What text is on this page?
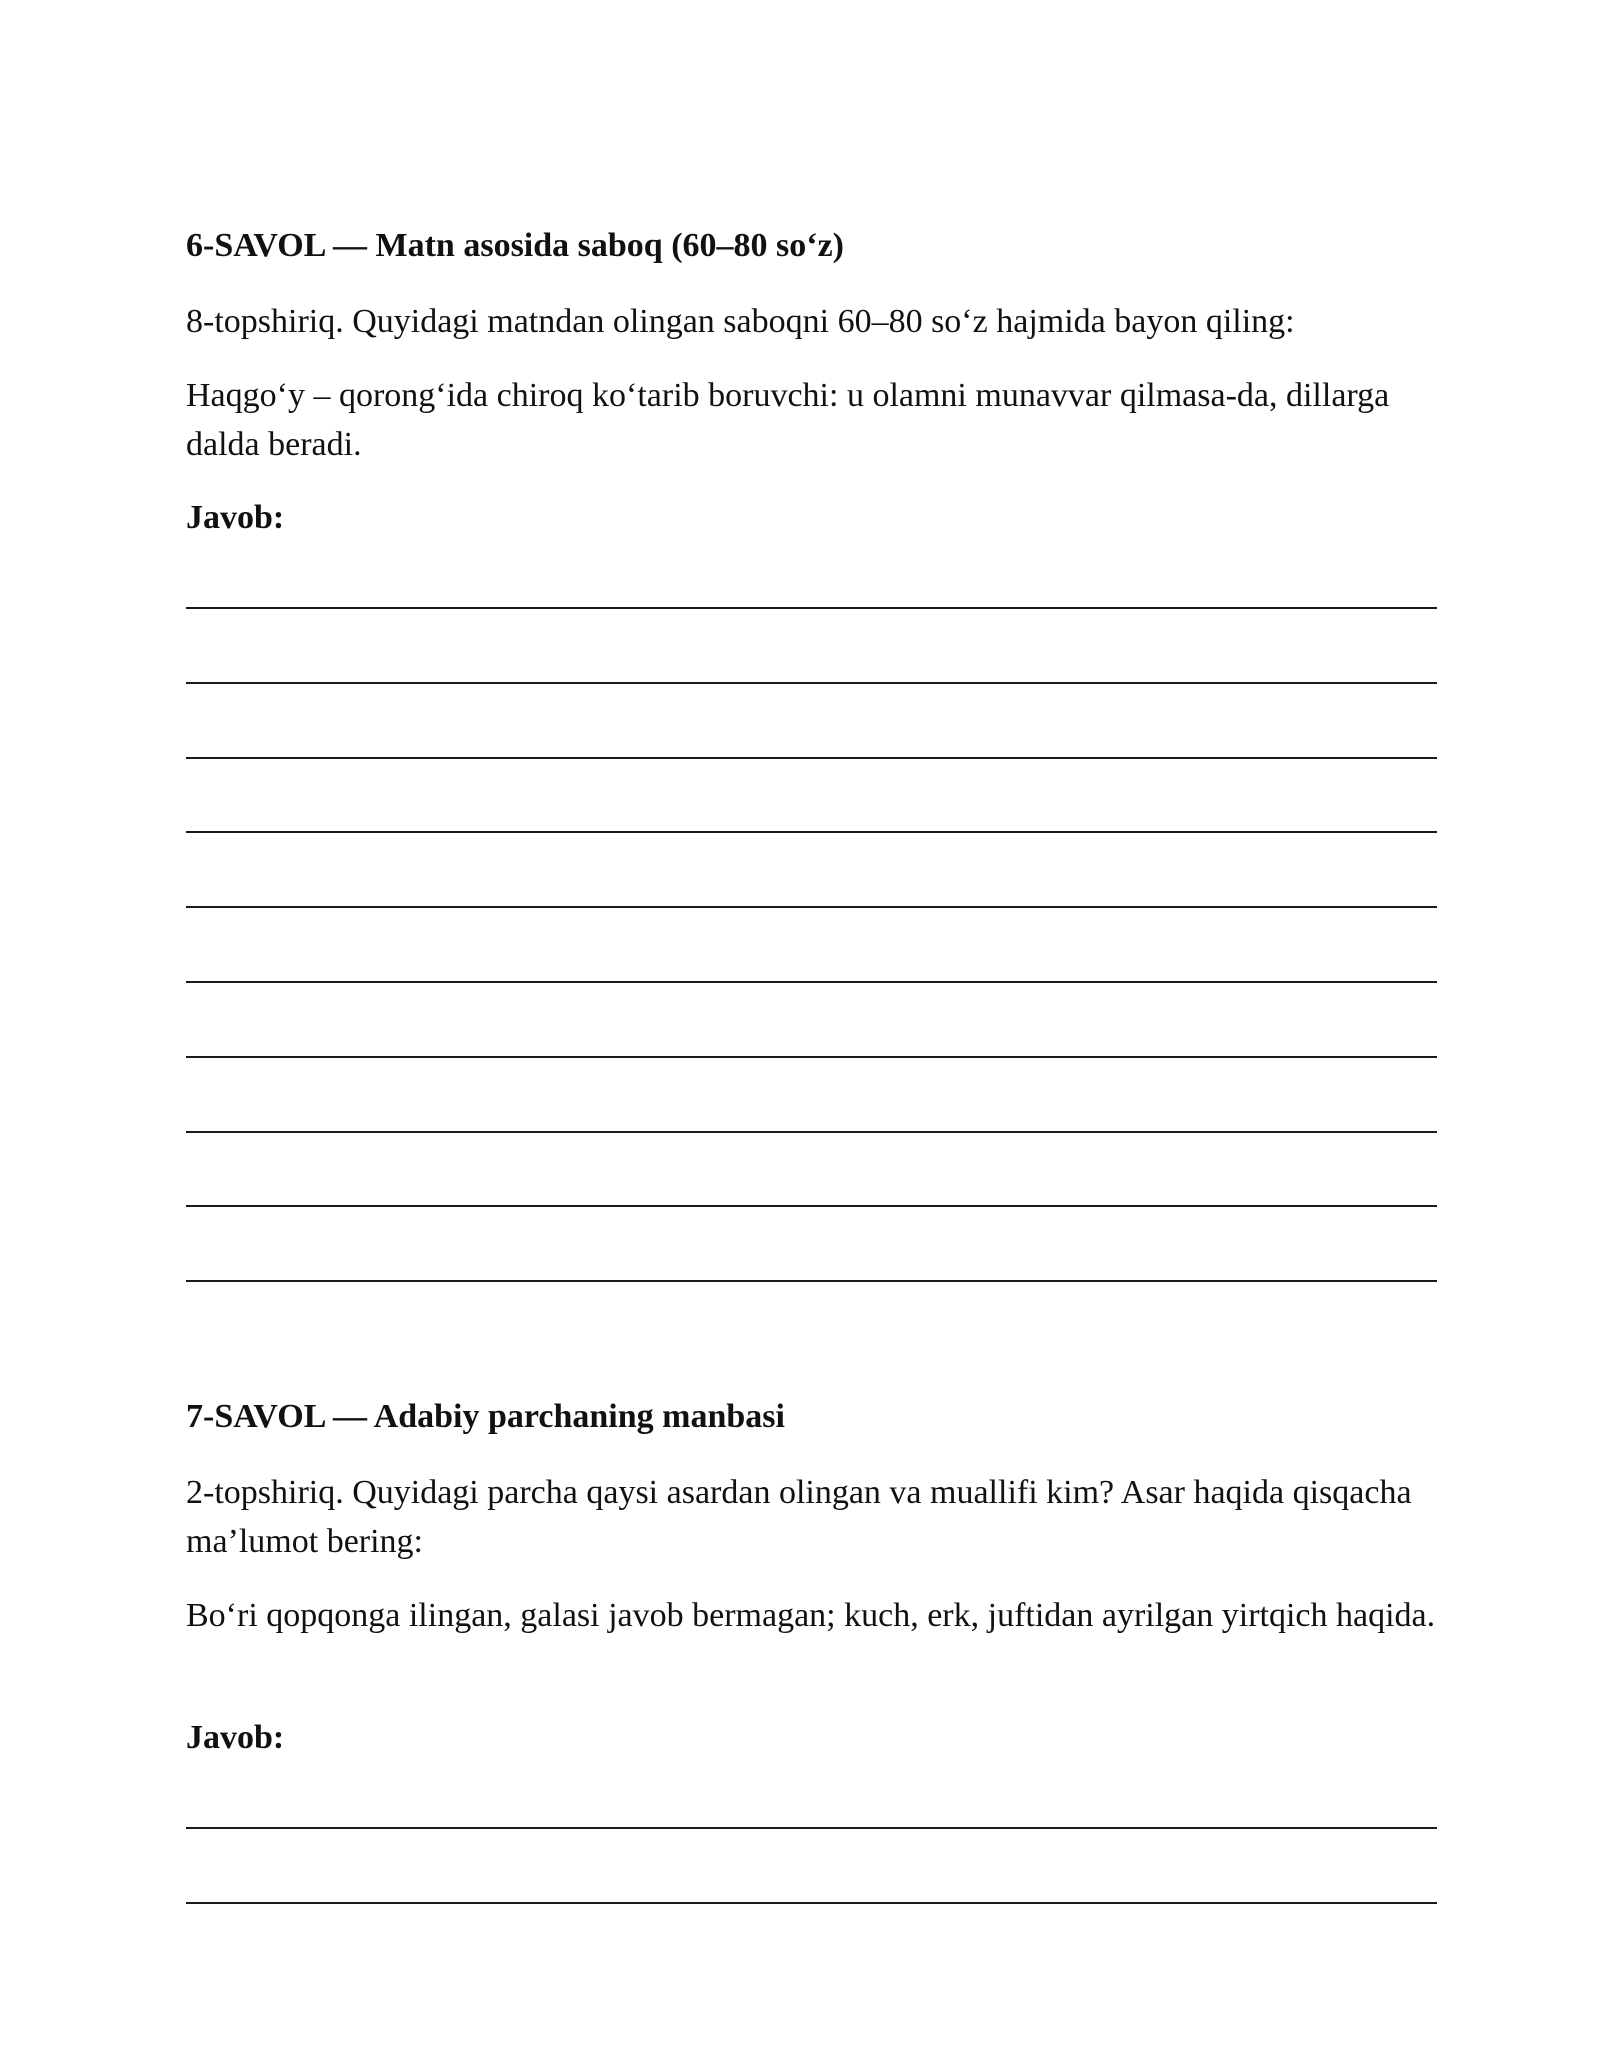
6-SAVOL — Matn asosida saboq (60–80 so‘z)
8-topshiriq. Quyidagi matndan olingan saboqni 60–80 so‘z hajmida bayon qiling:
Haqgo‘y – qorong‘ida chiroq ko‘tarib boruvchi: u olamni munavvar qilmasa-da, dillarga dalda beradi.
Javob:
7-SAVOL — Adabiy parchaning manbasi
2-topshiriq. Quyidagi parcha qaysi asardan olingan va muallifi kim? Asar haqida qisqacha ma’lumot bering:
Bo‘ri qopqonga ilingan, galasi javob bermagan; kuch, erk, juftidan ayrilgan yirtqich haqida.
Javob:
